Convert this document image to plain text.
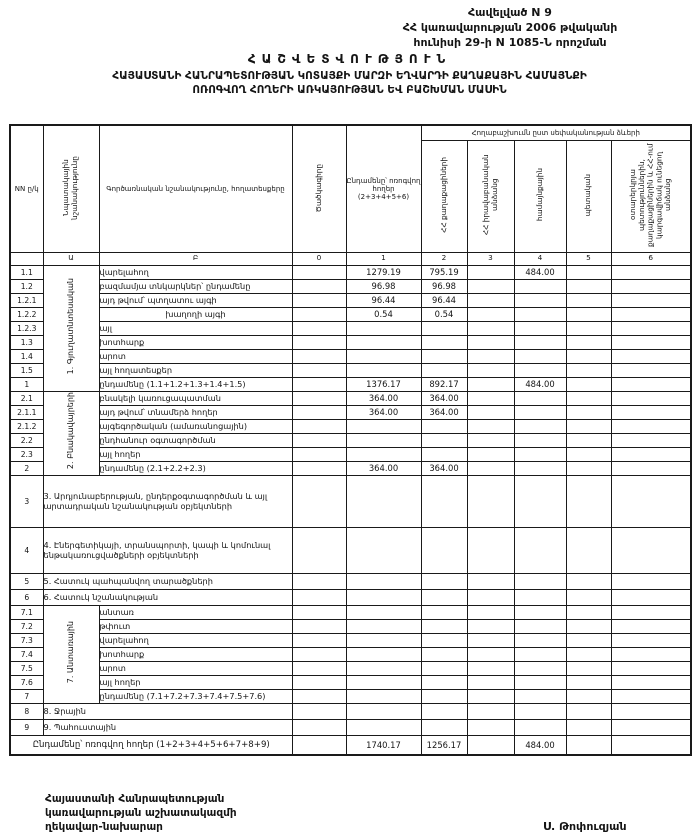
Հավելված N 9
ՀՀ կառավարության 2006 թվականի
հունիսի 29-ի N 1085-Ն որոշման
ՀԱՇՎԵՏՎՈՒԹՅՈՒՆ
ՀԱՅԱՍՏԱՆԻ ՀԱՆՐԱՊԵՏՈՒԹՅԱՆ ԿՈՏԱՅՔԻ ՄԱՐԶԻ ԵՂՎԱՐԴԻ ՔԱՂԱՔԱՅԻՆ ՀԱՄԱՅՆՔԻ
ՈՌՈԳՎՈՂ ՀՈՂԵՐԻ ԱՌԿԱՅՈՒԹՅԱՆ ԵՎ ԲԱՇԽՄԱՆ ՄԱՍԻՆ
NN ը/կ	Նպատակային նշանակությունը	Գործառնական նշանակությունը, հողատեսքերը	Ծածկագիրը	Ընդամենը՝ ոռոգվող հողեր (2+3+4+5+6)	Հողաբաշխումն ըստ սեփականության ձևերի				
					ՀՀ քաղաքացիների	ՀՀ իրավաբանական անձանց	համայնքային	պետական	օտարերկրյա պետություններին, քաղաքացիներին և ՀՀ-ում կարգավիճակ ունեցող անձանց
	Ա	Բ	0	1	2	3	4	5	6
1.1	1. Գյուղատնտեսական	վարելահող		1279.19	795.19		484.00		
1.2		բազմամյա տնկարկներ՝ ընդամենը		96.98	96.98				
1.2.1		այդ թվում՝ պտղատու այգի		96.44	96.44				
1.2.2		խաղողի այգի		0.54	0.54				
1.2.3		այլ							
1.3		խոտհարք							
1.4		արոտ							
1.5		այլ հողատեսքեր							
1		ընդամենը (1.1+1.2+1.3+1.4+1.5)		1376.17	892.17		484.00		
2.1	2. Բնակավայրերի	բնակելի կառուցապատման		364.00	364.00				
2.1.1		այդ թվում՝ տնամերձ հողեր		364.00	364.00				
2.1.2		այգեգործական (ամառանոցային)							
2.2		ընդհանուր օգտագործման							
2.3		այլ հողեր							
2		ընդամենը (2.1+2.2+2.3)		364.00	364.00				
3	3. Արդյունաբերության, ընդերքօգտագործման և այլ արտադրական նշանակության օբյեկտների								
4	4. Էներգետիկայի, տրանսպորտի, կապի և կոմունալ ենթակառուցվածքների օբյեկտների								
5	5. Հատուկ պահպանվող տարածքների								
6	6. Հատուկ նշանակության								
7.1	7. Անտառային	անտառ							
7.2		թփուտ							
7.3		վարելահող							
7.4		խոտհարք							
7.5		արոտ							
7.6		այլ հողեր							
7		ընդամենը (7.1+7.2+7.3+7.4+7.5+7.6)							
8	8. Ջրային								
9	9. Պահուստային								
Ընդամենը՝ ոռոգվող հողեր (1+2+3+4+5+6+7+8+9)				1740.17	1256.17		484.00		
Հայաստանի Հանրապետության
կառավարության աշխատակազմի
ղեկավար-նախարար	Ս. Թոփուզյան
